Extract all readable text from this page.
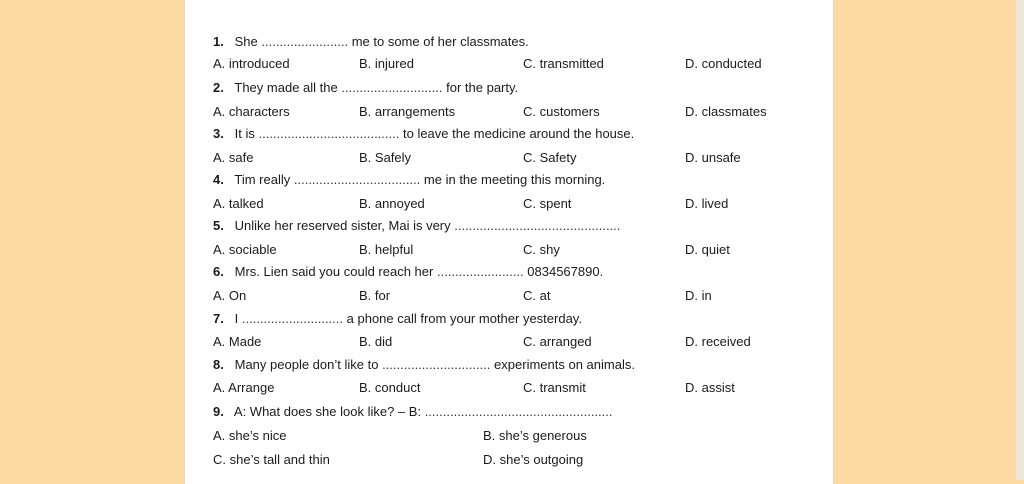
1. She ........................ me to some of her classmates.
A. introduced	B. injured	C. transmitted	D. conducted
2. They made all the ............................ for the party.
A. characters	B. arrangements	C. customers	D. classmates
3. It is ....................................... to leave the medicine around the house.
A. safe	B. Safely	C. Safety	D. unsafe
4. Tim really ................................... me in the meeting this morning.
A. talked	B. annoyed	C. spent	D. lived
5. Unlike her reserved sister, Mai is very ..............................................
A. sociable	B. helpful	C. shy	D. quiet
6. Mrs. Lien said you could reach her ........................ 0834567890.
A. On	B. for	C. at	D. in
7. I ............................ a phone call from your mother yesterday.
A. Made	B. did	C. arranged	D. received
8. Many people don’t like to .............................. experiments on animals.
A. Arrange	B. conduct	C. transmit	D. assist
9. A: What does she look like? – B: ....................................................
A. she’s nice	B. she’s generous
C. she’s tall and thin	D. she’s outgoing
